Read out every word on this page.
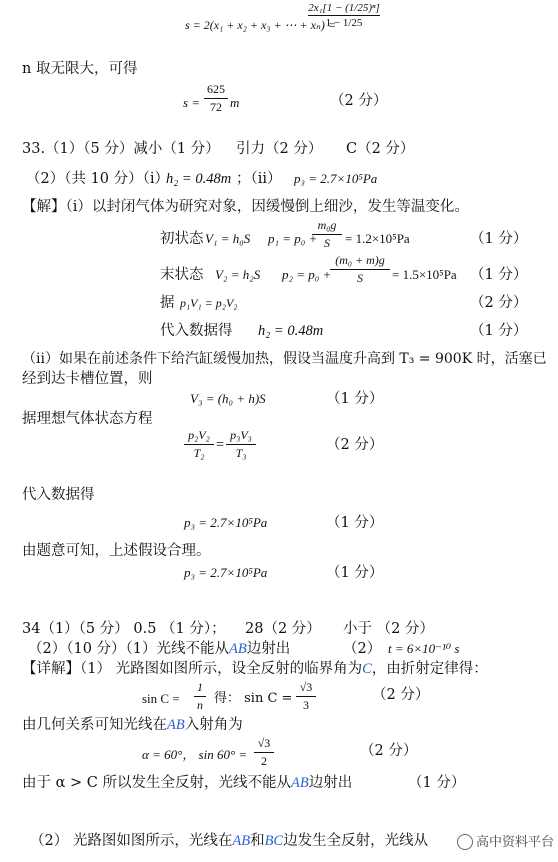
s = 2(x₁ + x₂ + x₃ + ⋯ + xₙ) =
2x₁[1 − (1/25)ⁿ]
1 − 1/25
n 取无限大，可得
s =
625
72 m	（2 分）
33.（1）（5 分）减小（1 分） 引力（2 分） C（2 分）
（2）（共 10 分）（i）
h₂ = 0.48m ；（ii） p₃ = 2.7×10⁵Pa
【解】（i）以封闭气体为研究对象，因缓慢倒上细沙，发生等温变化。
初状态 V₁ = h₀S p₁ = p₀ +
m₀g
S	= 1.2×10⁵Pa	（1 分）
末状态 V₂ = h₂S p₂ = p₀ +
(m₀ + m)g
S	= 1.5×10⁵Pa （1 分）
据 p₁V₁ = p₂V₂	（2 分）
代入数据得 h₂ = 0.48m	（1 分）
（ii）如果在前述条件下给汽缸缓慢加热，假设当温度升高到 T₃ = 900K 时，活塞已
经到达卡槽位置，则
V₃ = (h₀ + h)S	（1 分）
据理想气体状态方程
p₂V₂
T₂ =
p₃V₃
T₃	（2 分）
代入数据得
p₃ = 2.7×10⁵Pa	（1 分）
由题意可知，上述假设合理。
p₃ = 2.7×10⁵Pa	（1 分）
34（1）（5 分） 0.5 （1 分）； 28（2 分） 小于 （2 分）
（2）（10 分）（1）光线不能从AB边射出	（2） t = 6×10⁻¹⁰ s
【详解】（1） 光路图如图所示，设全反射的临界角为C，由折射定律得：
sin C =
1
n 得： sin C =
√3
3
（2 分）
由几何关系可知光线在AB入射角为
α = 60°， sin 60° =
√3
2
（2 分）
由于 α > C 所以发生全反射，光线不能从AB边射出	（1 分）
（2） 光路图如图所示，光线在AB和BC边发生全反射，光线从	高中资料平台
